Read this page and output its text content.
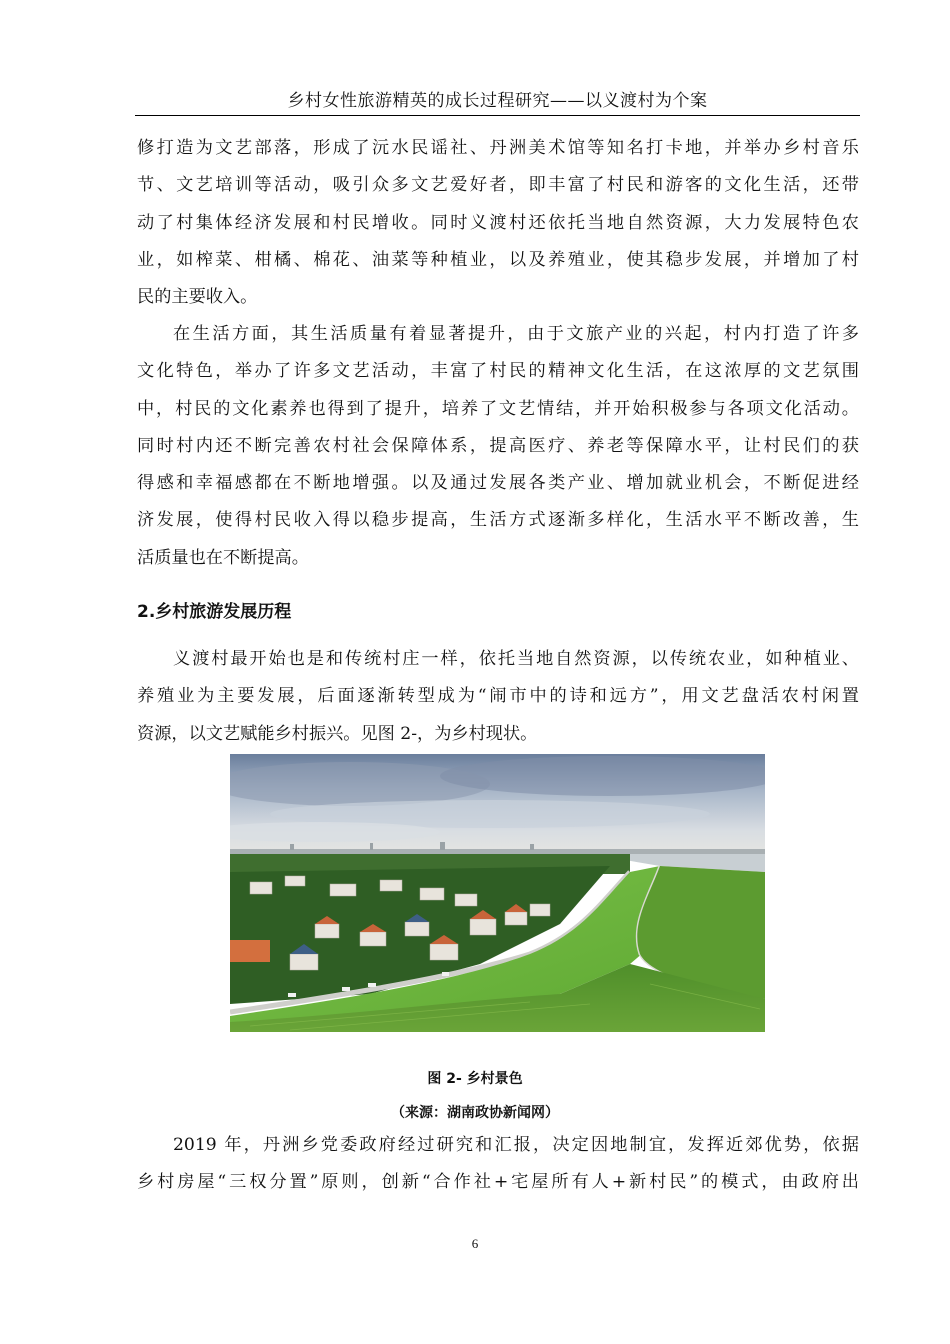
乡村女性旅游精英的成长过程研究——以义渡村为个案
修打造为文艺部落，形成了沅水民谣社、丹洲美术馆等知名打卡地，并举办乡村音乐
节、文艺培训等活动，吸引众多文艺爱好者，即丰富了村民和游客的文化生活，还带
动了村集体经济发展和村民增收。同时义渡村还依托当地自然资源，大力发展特色农
业，如榨菜、柑橘、棉花、油菜等种植业，以及养殖业，使其稳步发展，并增加了村
民的主要收入。
在生活方面，其生活质量有着显著提升，由于文旅产业的兴起，村内打造了许多
文化特色，举办了许多文艺活动，丰富了村民的精神文化生活，在这浓厚的文艺氛围
中，村民的文化素养也得到了提升，培养了文艺情结，并开始积极参与各项文化活动。
同时村内还不断完善农村社会保障体系，提高医疗、养老等保障水平，让村民们的获
得感和幸福感都在不断地增强。以及通过发展各类产业、增加就业机会，不断促进经
济发展，使得村民收入得以稳步提高，生活方式逐渐多样化，生活水平不断改善，生
活质量也在不断提高。
2.乡村旅游发展历程
义渡村最开始也是和传统村庄一样，依托当地自然资源，以传统农业，如种植业、
养殖业为主要发展，后面逐渐转型成为“闹市中的诗和远方”，用文艺盘活农村闲置
资源，以文艺赋能乡村振兴。见图 2-，为乡村现状。
图 2- 乡村景色
（来源：湖南政协新闻网）
2019 年，丹洲乡党委政府经过研究和汇报，决定因地制宜，发挥近郊优势，依据
乡村房屋“三权分置”原则，创新“合作社+宅屋所有人+新村民”的模式，由政府出
6
